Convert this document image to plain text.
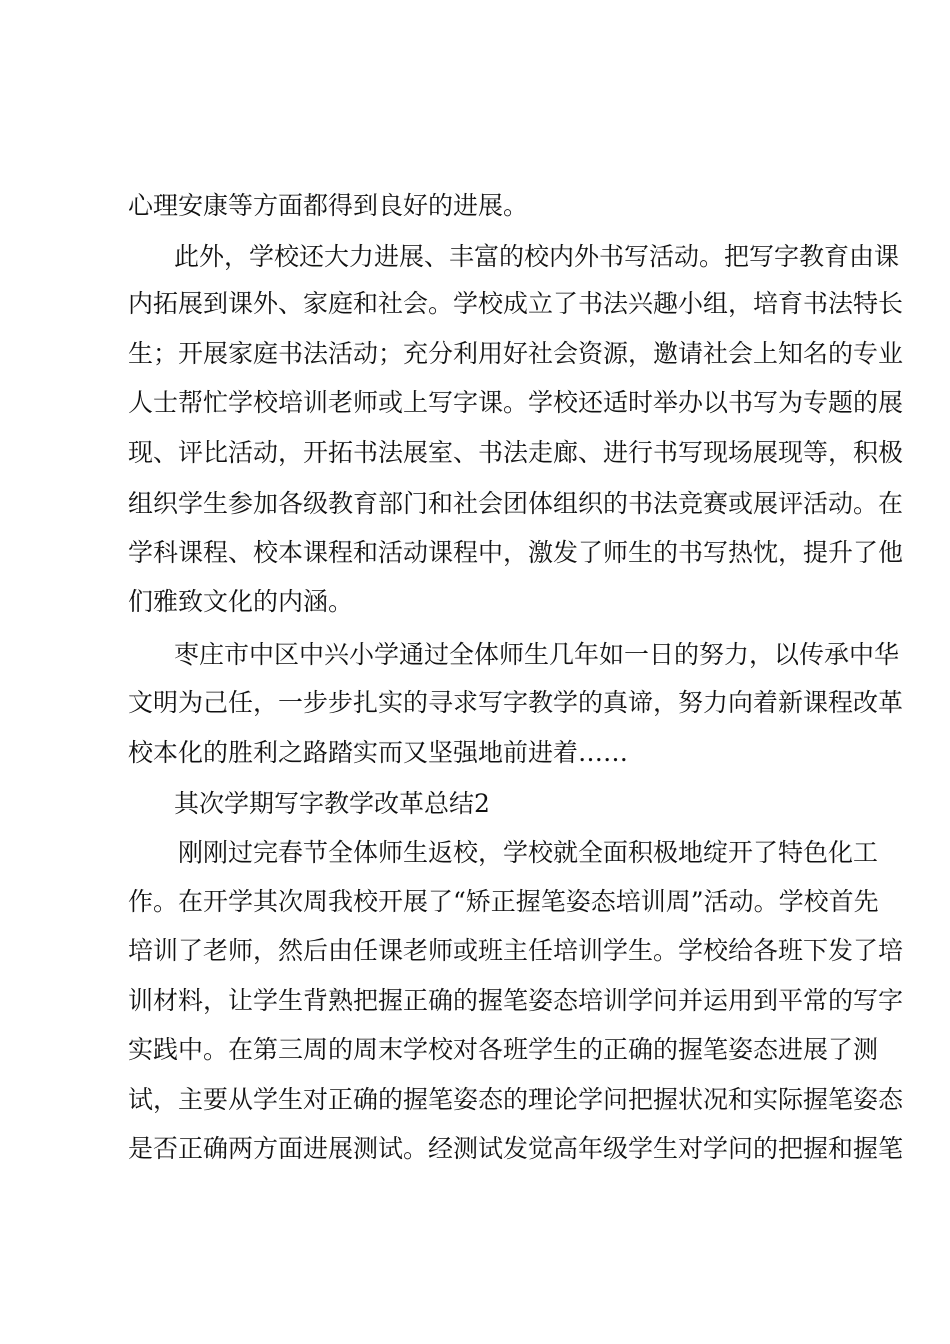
心理安康等方面都得到良好的进展。
此外，学校还大力进展、丰富的校内外书写活动。把写字教育由课
内拓展到课外、家庭和社会。学校成立了书法兴趣小组，培育书法特长
生；开展家庭书法活动；充分利用好社会资源，邀请社会上知名的专业
人士帮忙学校培训老师或上写字课。学校还适时举办以书写为专题的展
现、评比活动，开拓书法展室、书法走廊、进行书写现场展现等，积极
组织学生参加各级教育部门和社会团体组织的书法竞赛或展评活动。在
学科课程、校本课程和活动课程中，激发了师生的书写热忱，提升了他
们雅致文化的内涵。
枣庄市中区中兴小学通过全体师生几年如一日的努力，以传承中华
文明为己任，一步步扎实的寻求写字教学的真谛，努力向着新课程改革
校本化的胜利之路踏实而又坚强地前进着……
其次学期写字教学改革总结2
刚刚过完春节全体师生返校，学校就全面积极地绽开了特色化工
作。在开学其次周我校开展了“矫正握笔姿态培训周”活动。学校首先
培训了老师，然后由任课老师或班主任培训学生。学校给各班下发了培
训材料，让学生背熟把握正确的握笔姿态培训学问并运用到平常的写字
实践中。在第三周的周末学校对各班学生的正确的握笔姿态进展了测
试，主要从学生对正确的握笔姿态的理论学问把握状况和实际握笔姿态
是否正确两方面进展测试。经测试发觉高年级学生对学问的把握和握笔
